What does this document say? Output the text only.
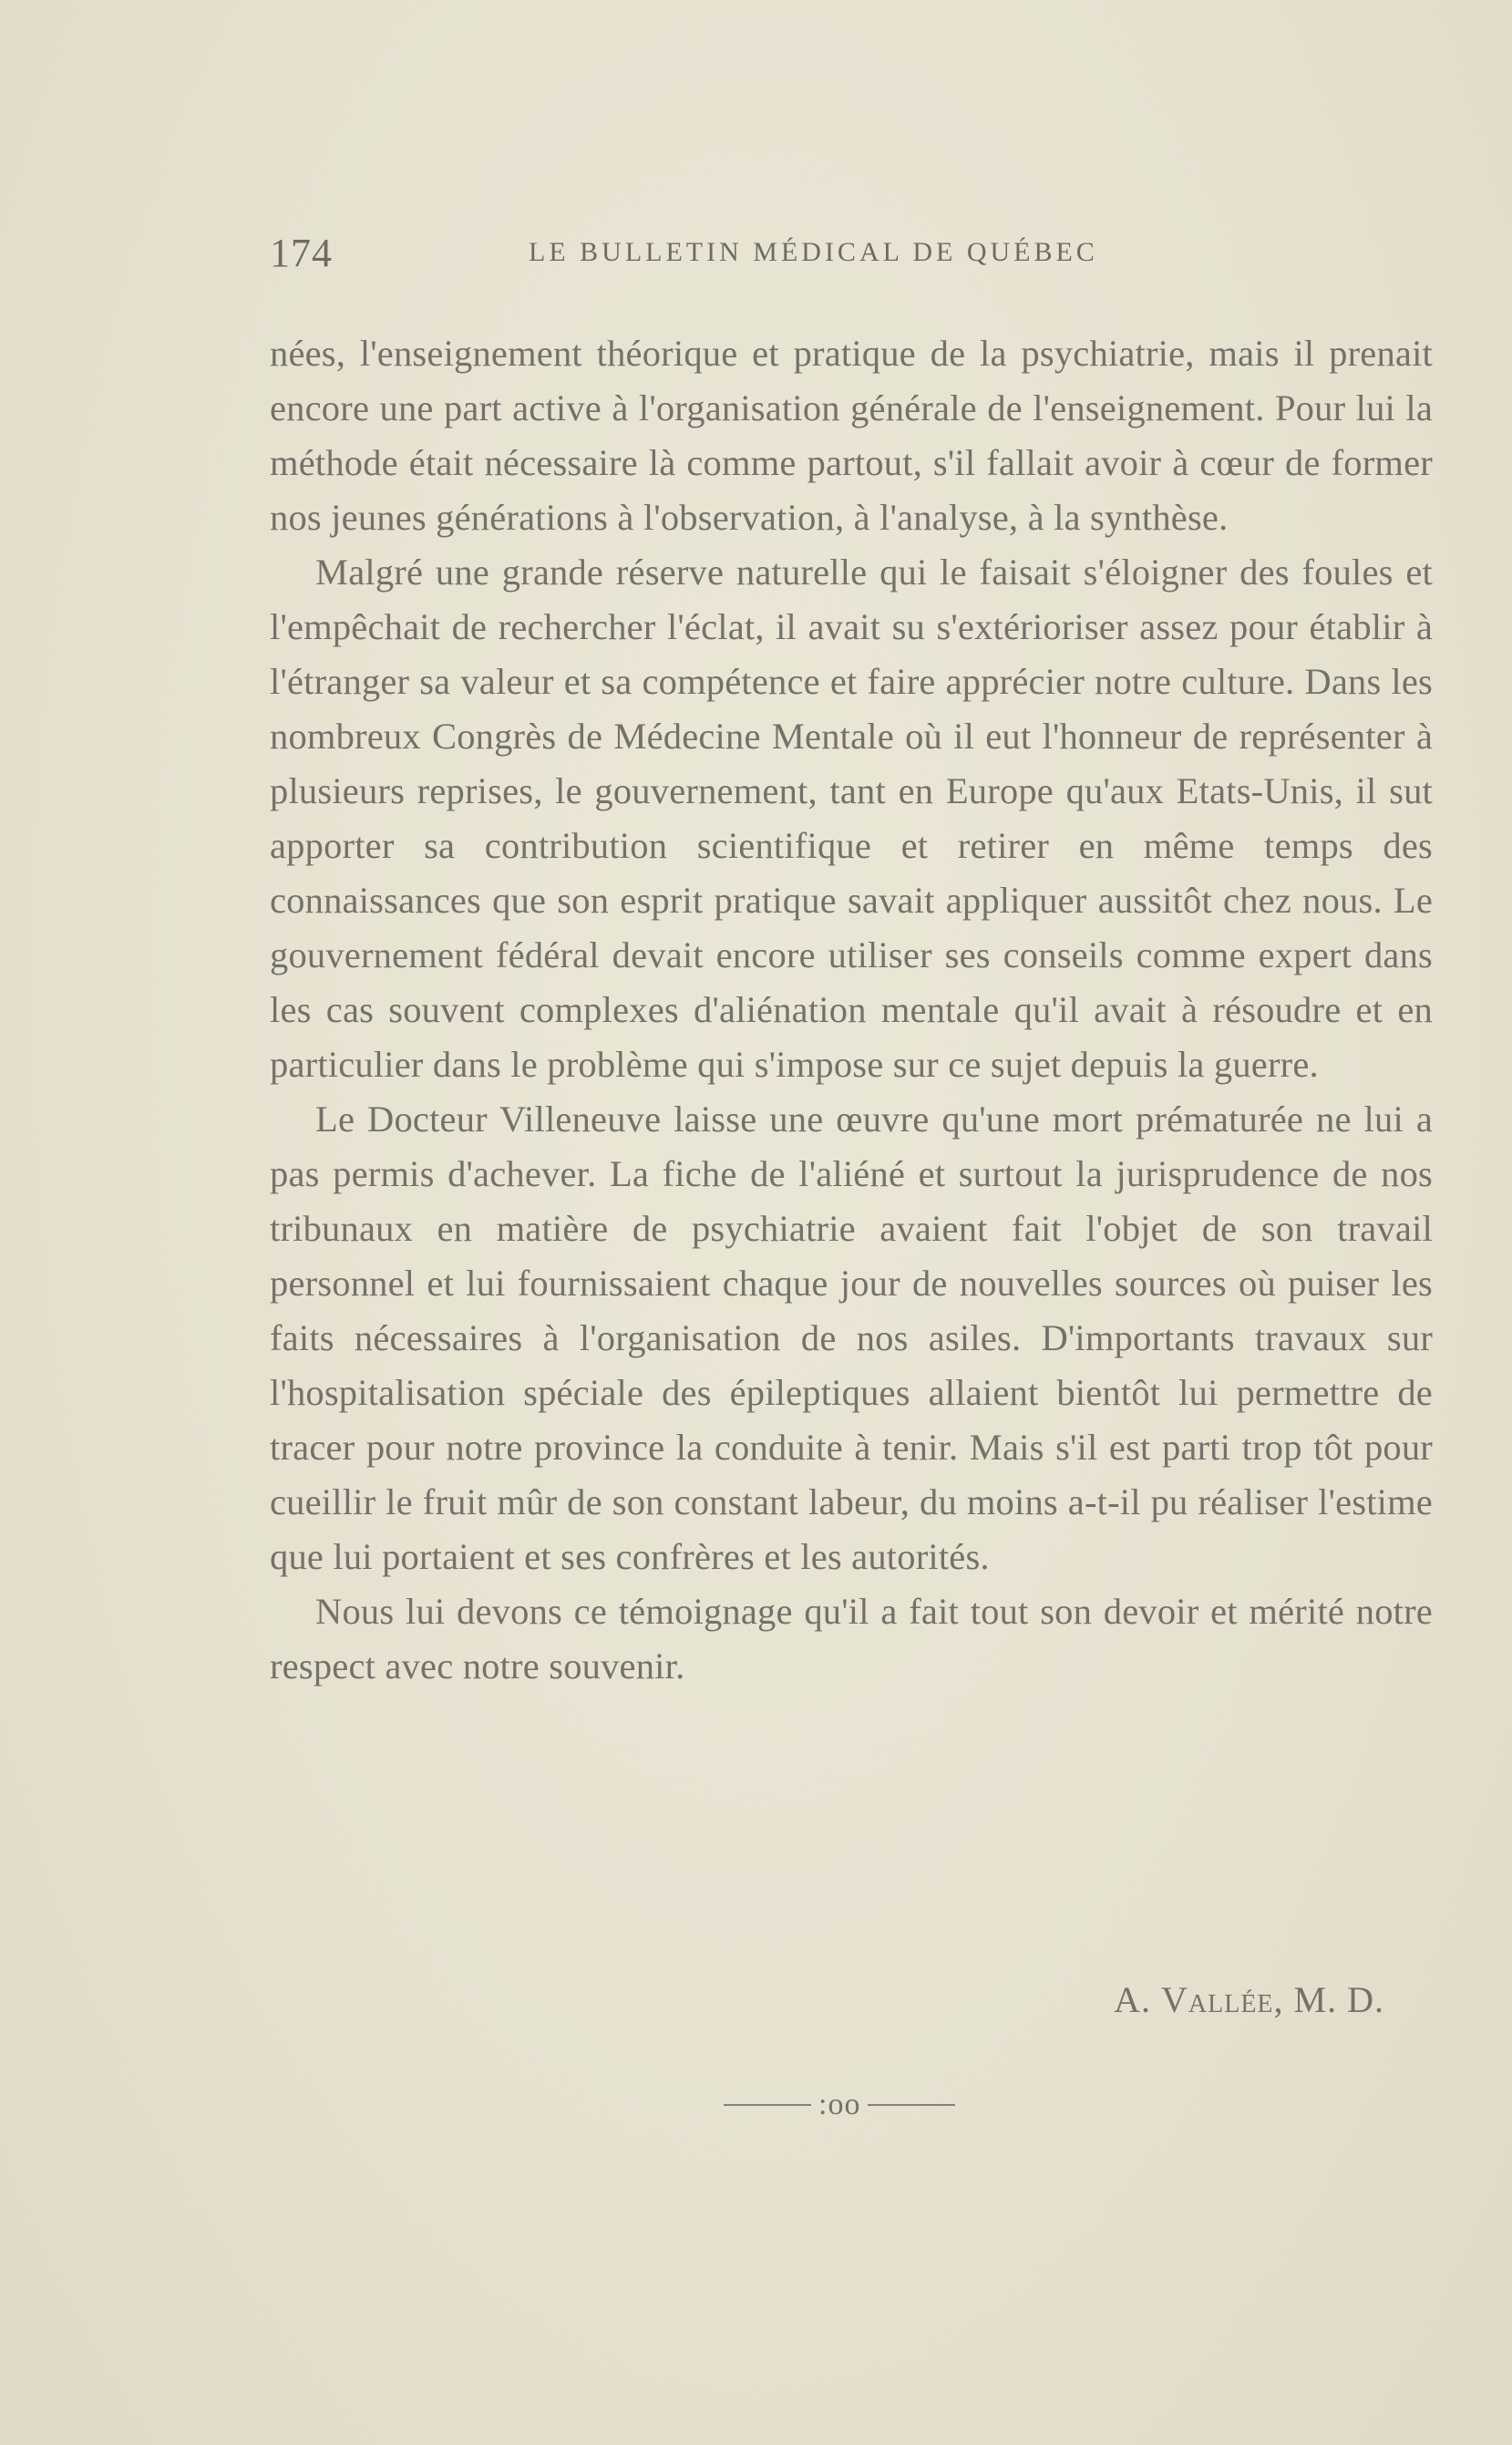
174	LE BULLETIN MÉDICAL DE QUÉBEC

nées, l'enseignement théorique et pratique de la psychiatrie, mais il prenait encore une part active à l'organisation générale de l'enseignement. Pour lui la méthode était nécessaire là comme partout, s'il fallait avoir à cœur de former nos jeunes générations à l'observation, à l'analyse, à la synthèse.

Malgré une grande réserve naturelle qui le faisait s'éloigner des foules et l'empêchait de rechercher l'éclat, il avait su s'extérioriser assez pour établir à l'étranger sa valeur et sa compétence et faire apprécier notre culture. Dans les nombreux Congrès de Médecine Mentale où il eut l'honneur de représenter à plusieurs reprises, le gouvernement, tant en Europe qu'aux Etats-Unis, il sut apporter sa contribution scientifique et retirer en même temps des connaissances que son esprit pratique savait appliquer aussitôt chez nous. Le gouvernement fédéral devait encore utiliser ses conseils comme expert dans les cas souvent complexes d'aliénation mentale qu'il avait à résoudre et en particulier dans le problème qui s'impose sur ce sujet depuis la guerre.

Le Docteur Villeneuve laisse une œuvre qu'une mort prématurée ne lui a pas permis d'achever. La fiche de l'aliéné et surtout la jurisprudence de nos tribunaux en matière de psychiatrie avaient fait l'objet de son travail personnel et lui fournissaient chaque jour de nouvelles sources où puiser les faits nécessaires à l'organisation de nos asiles. D'importants travaux sur l'hospitalisation spéciale des épileptiques allaient bientôt lui permettre de tracer pour notre province la conduite à tenir. Mais s'il est parti trop tôt pour cueillir le fruit mûr de son constant labeur, du moins a-t-il pu réaliser l'estime que lui portaient et ses confrères et les autorités.

Nous lui devons ce témoignage qu'il a fait tout son devoir et mérité notre respect avec notre souvenir.

A. Vallée, M. D.
:oo
